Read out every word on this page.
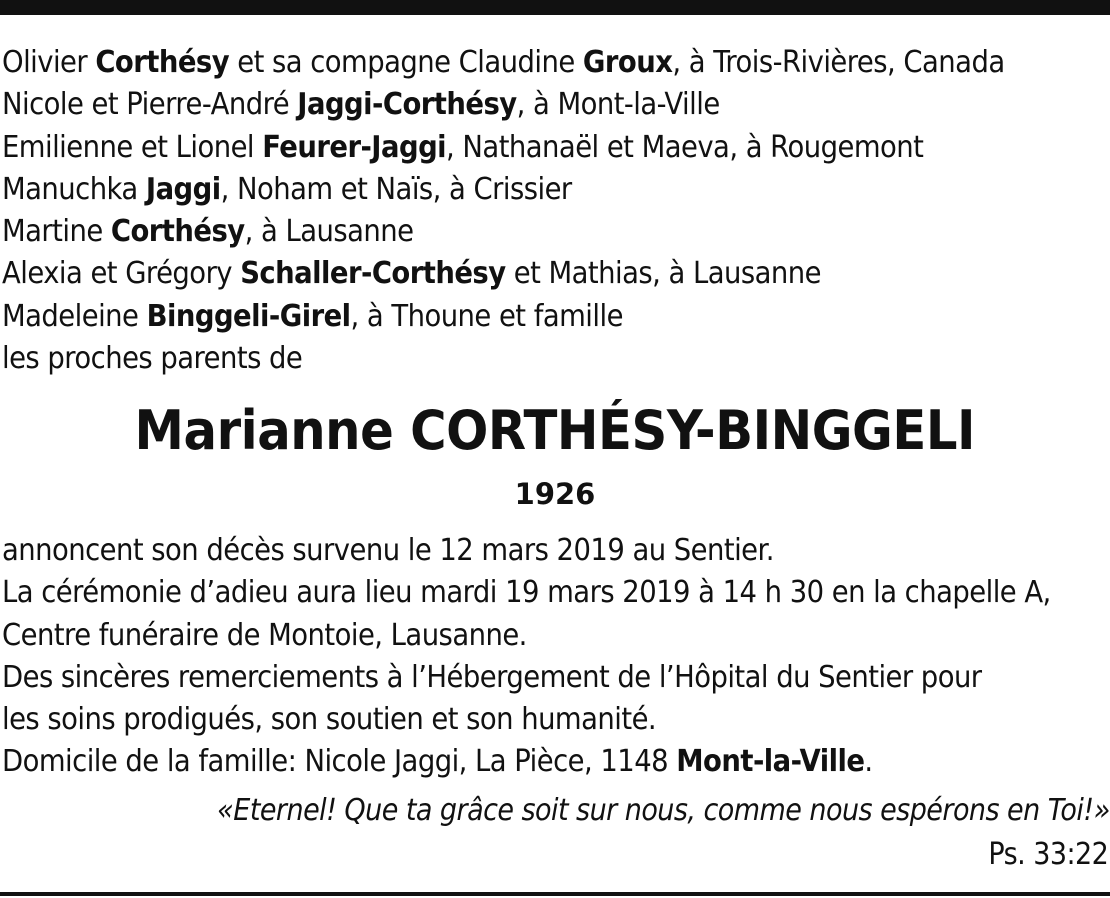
Olivier Corthésy et sa compagne Claudine Groux, à Trois-Rivières, Canada
Nicole et Pierre-André Jaggi-Corthésy, à Mont-la-Ville
Emilienne et Lionel Feurer-Jaggi, Nathanaël et Maeva, à Rougemont
Manuchka Jaggi, Noham et Naïs, à Crissier
Martine Corthésy, à Lausanne
Alexia et Grégory Schaller-Corthésy et Mathias, à Lausanne
Madeleine Binggeli-Girel, à Thoune et famille
les proches parents de
Marianne CORTHÉSY-BINGGELI
1926
annoncent son décès survenu le 12 mars 2019 au Sentier.
La cérémonie d’adieu aura lieu mardi 19 mars 2019 à 14 h 30 en la chapelle A,
Centre funéraire de Montoie, Lausanne.
Des sincères remerciements à l’Hébergement de l’Hôpital du Sentier pour
les soins prodigués, son soutien et son humanité.
Domicile de la famille: Nicole Jaggi, La Pièce, 1148 Mont-la-Ville.
«Eternel! Que ta grâce soit sur nous, comme nous espérons en Toi!»
Ps. 33:22
